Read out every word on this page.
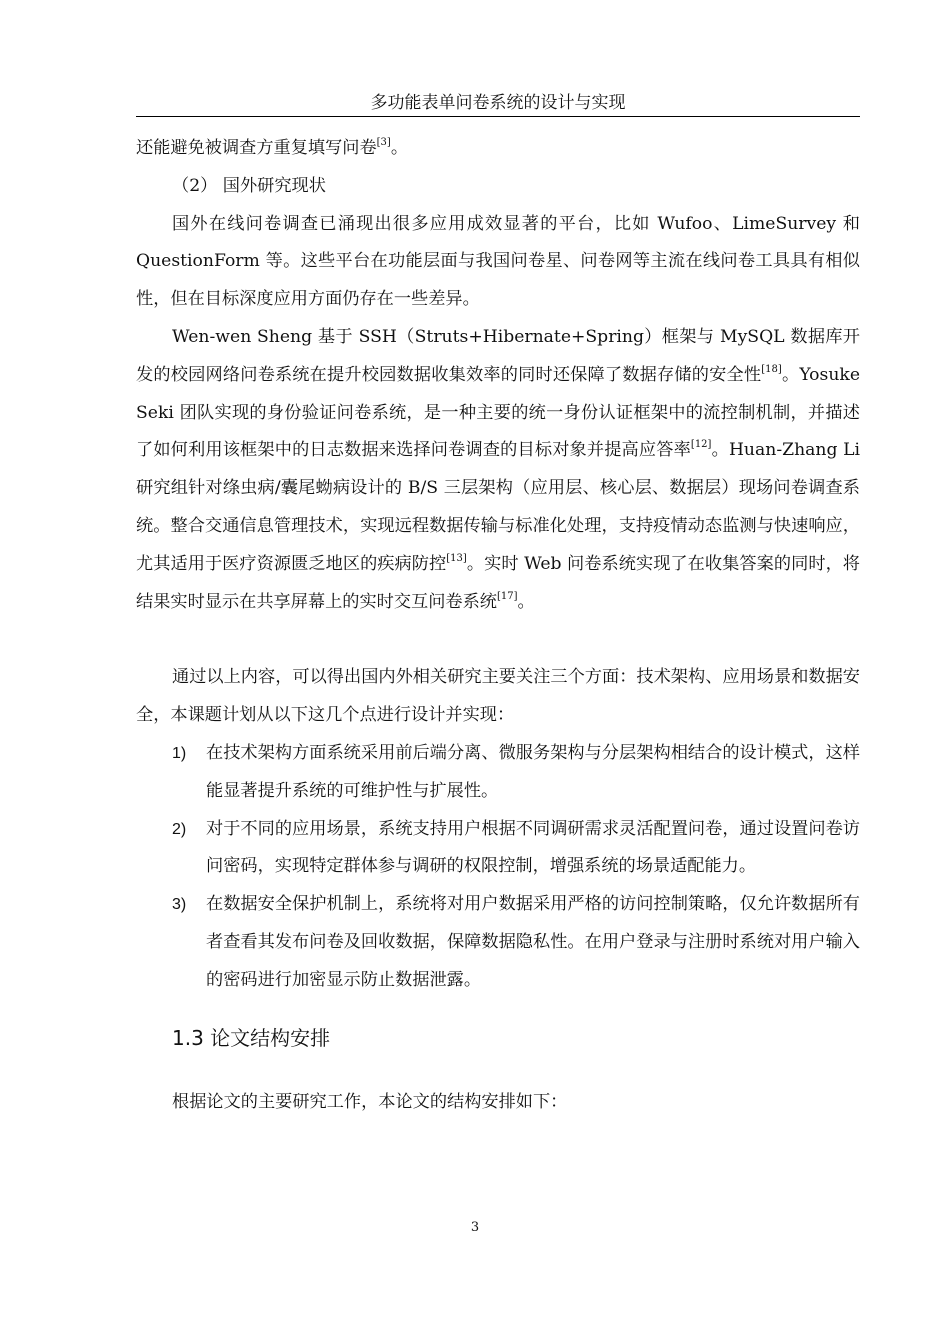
多功能表单问卷系统的设计与实现

还能避免被调查方重复填写问卷[3]。

（2） 国外研究现状

国外在线问卷调查已涌现出很多应用成效显著的平台，比如 Wufoo、LimeSurvey 和 QuestionForm 等。这些平台在功能层面与我国问卷星、问卷网等主流在线问卷工具具有相似性，但在目标深度应用方面仍存在一些差异。

Wen-wen Sheng 基于 SSH（Struts+Hibernate+Spring）框架与 MySQL 数据库开发的校园网络问卷系统在提升校园数据收集效率的同时还保障了数据存储的安全性[18]。Yosuke Seki 团队实现的身份验证问卷系统，是一种主要的统一身份认证框架中的流控制机制，并描述了如何利用该框架中的日志数据来选择问卷调查的目标对象并提高应答率[12]。Huan-Zhang Li 研究组针对绦虫病/囊尾蚴病设计的 B/S 三层架构（应用层、核心层、数据层）现场问卷调查系统。整合交通信息管理技术，实现远程数据传输与标准化处理，支持疫情动态监测与快速响应，尤其适用于医疗资源匮乏地区的疾病防控[13]。实时 Web 问卷系统实现了在收集答案的同时，将结果实时显示在共享屏幕上的实时交互问卷系统[17]。

通过以上内容，可以得出国内外相关研究主要关注三个方面：技术架构、应用场景和数据安全，本课题计划从以下这几个点进行设计并实现：

1) 在技术架构方面系统采用前后端分离、微服务架构与分层架构相结合的设计模式，这样能显著提升系统的可维护性与扩展性。
2) 对于不同的应用场景，系统支持用户根据不同调研需求灵活配置问卷，通过设置问卷访问密码，实现特定群体参与调研的权限控制，增强系统的场景适配能力。
3) 在数据安全保护机制上，系统将对用户数据采用严格的访问控制策略，仅允许数据所有者查看其发布问卷及回收数据，保障数据隐私性。在用户登录与注册时系统对用户输入的密码进行加密显示防止数据泄露。
1.3 论文结构安排

根据论文的主要研究工作，本论文的结构安排如下：

3
